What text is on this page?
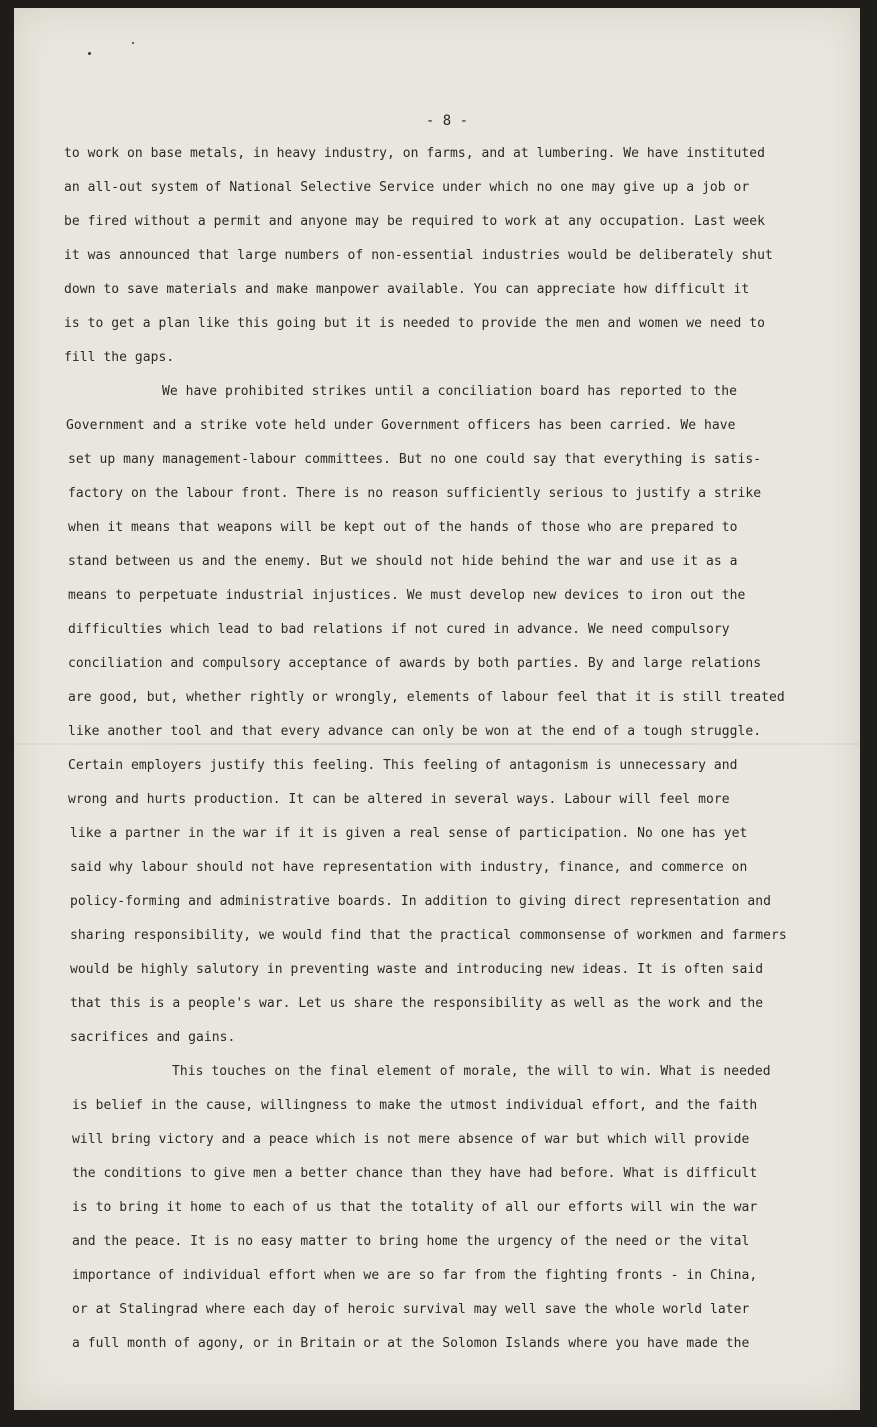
- 8 -
to work on base metals, in heavy industry, on farms, and at lumbering. We have instituted
an all-out system of National Selective Service under which no one may give up a job or
be fired without a permit and anyone may be required to work at any occupation. Last week
it was announced that large numbers of non-essential industries would be deliberately shut
down to save materials and make manpower available. You can appreciate how difficult it
is to get a plan like this going but it is needed to provide the men and women we need to
fill the gaps.
We have prohibited strikes until a conciliation board has reported to the
Government and a strike vote held under Government officers has been carried. We have
set up many management-labour committees. But no one could say that everything is satis-
factory on the labour front. There is no reason sufficiently serious to justify a strike
when it means that weapons will be kept out of the hands of those who are prepared to
stand between us and the enemy. But we should not hide behind the war and use it as a
means to perpetuate industrial injustices. We must develop new devices to iron out the
difficulties which lead to bad relations if not cured in advance. We need compulsory
conciliation and compulsory acceptance of awards by both parties. By and large relations
are good, but, whether rightly or wrongly, elements of labour feel that it is still treated
like another tool and that every advance can only be won at the end of a tough struggle.
Certain employers justify this feeling. This feeling of antagonism is unnecessary and
wrong and hurts production. It can be altered in several ways. Labour will feel more
like a partner in the war if it is given a real sense of participation. No one has yet
said why labour should not have representation with industry, finance, and commerce on
policy-forming and administrative boards. In addition to giving direct representation and
sharing responsibility, we would find that the practical commonsense of workmen and farmers
would be highly salutory in preventing waste and introducing new ideas. It is often said
that this is a people's war. Let us share the responsibility as well as the work and the
sacrifices and gains.
This touches on the final element of morale, the will to win. What is needed
is belief in the cause, willingness to make the utmost individual effort, and the faith
will bring victory and a peace which is not mere absence of war but which will provide
the conditions to give men a better chance than they have had before. What is difficult
is to bring it home to each of us that the totality of all our efforts will win the war
and the peace. It is no easy matter to bring home the urgency of the need or the vital
importance of individual effort when we are so far from the fighting fronts - in China,
or at Stalingrad where each day of heroic survival may well save the whole world later
a full month of agony, or in Britain or at the Solomon Islands where you have made the
